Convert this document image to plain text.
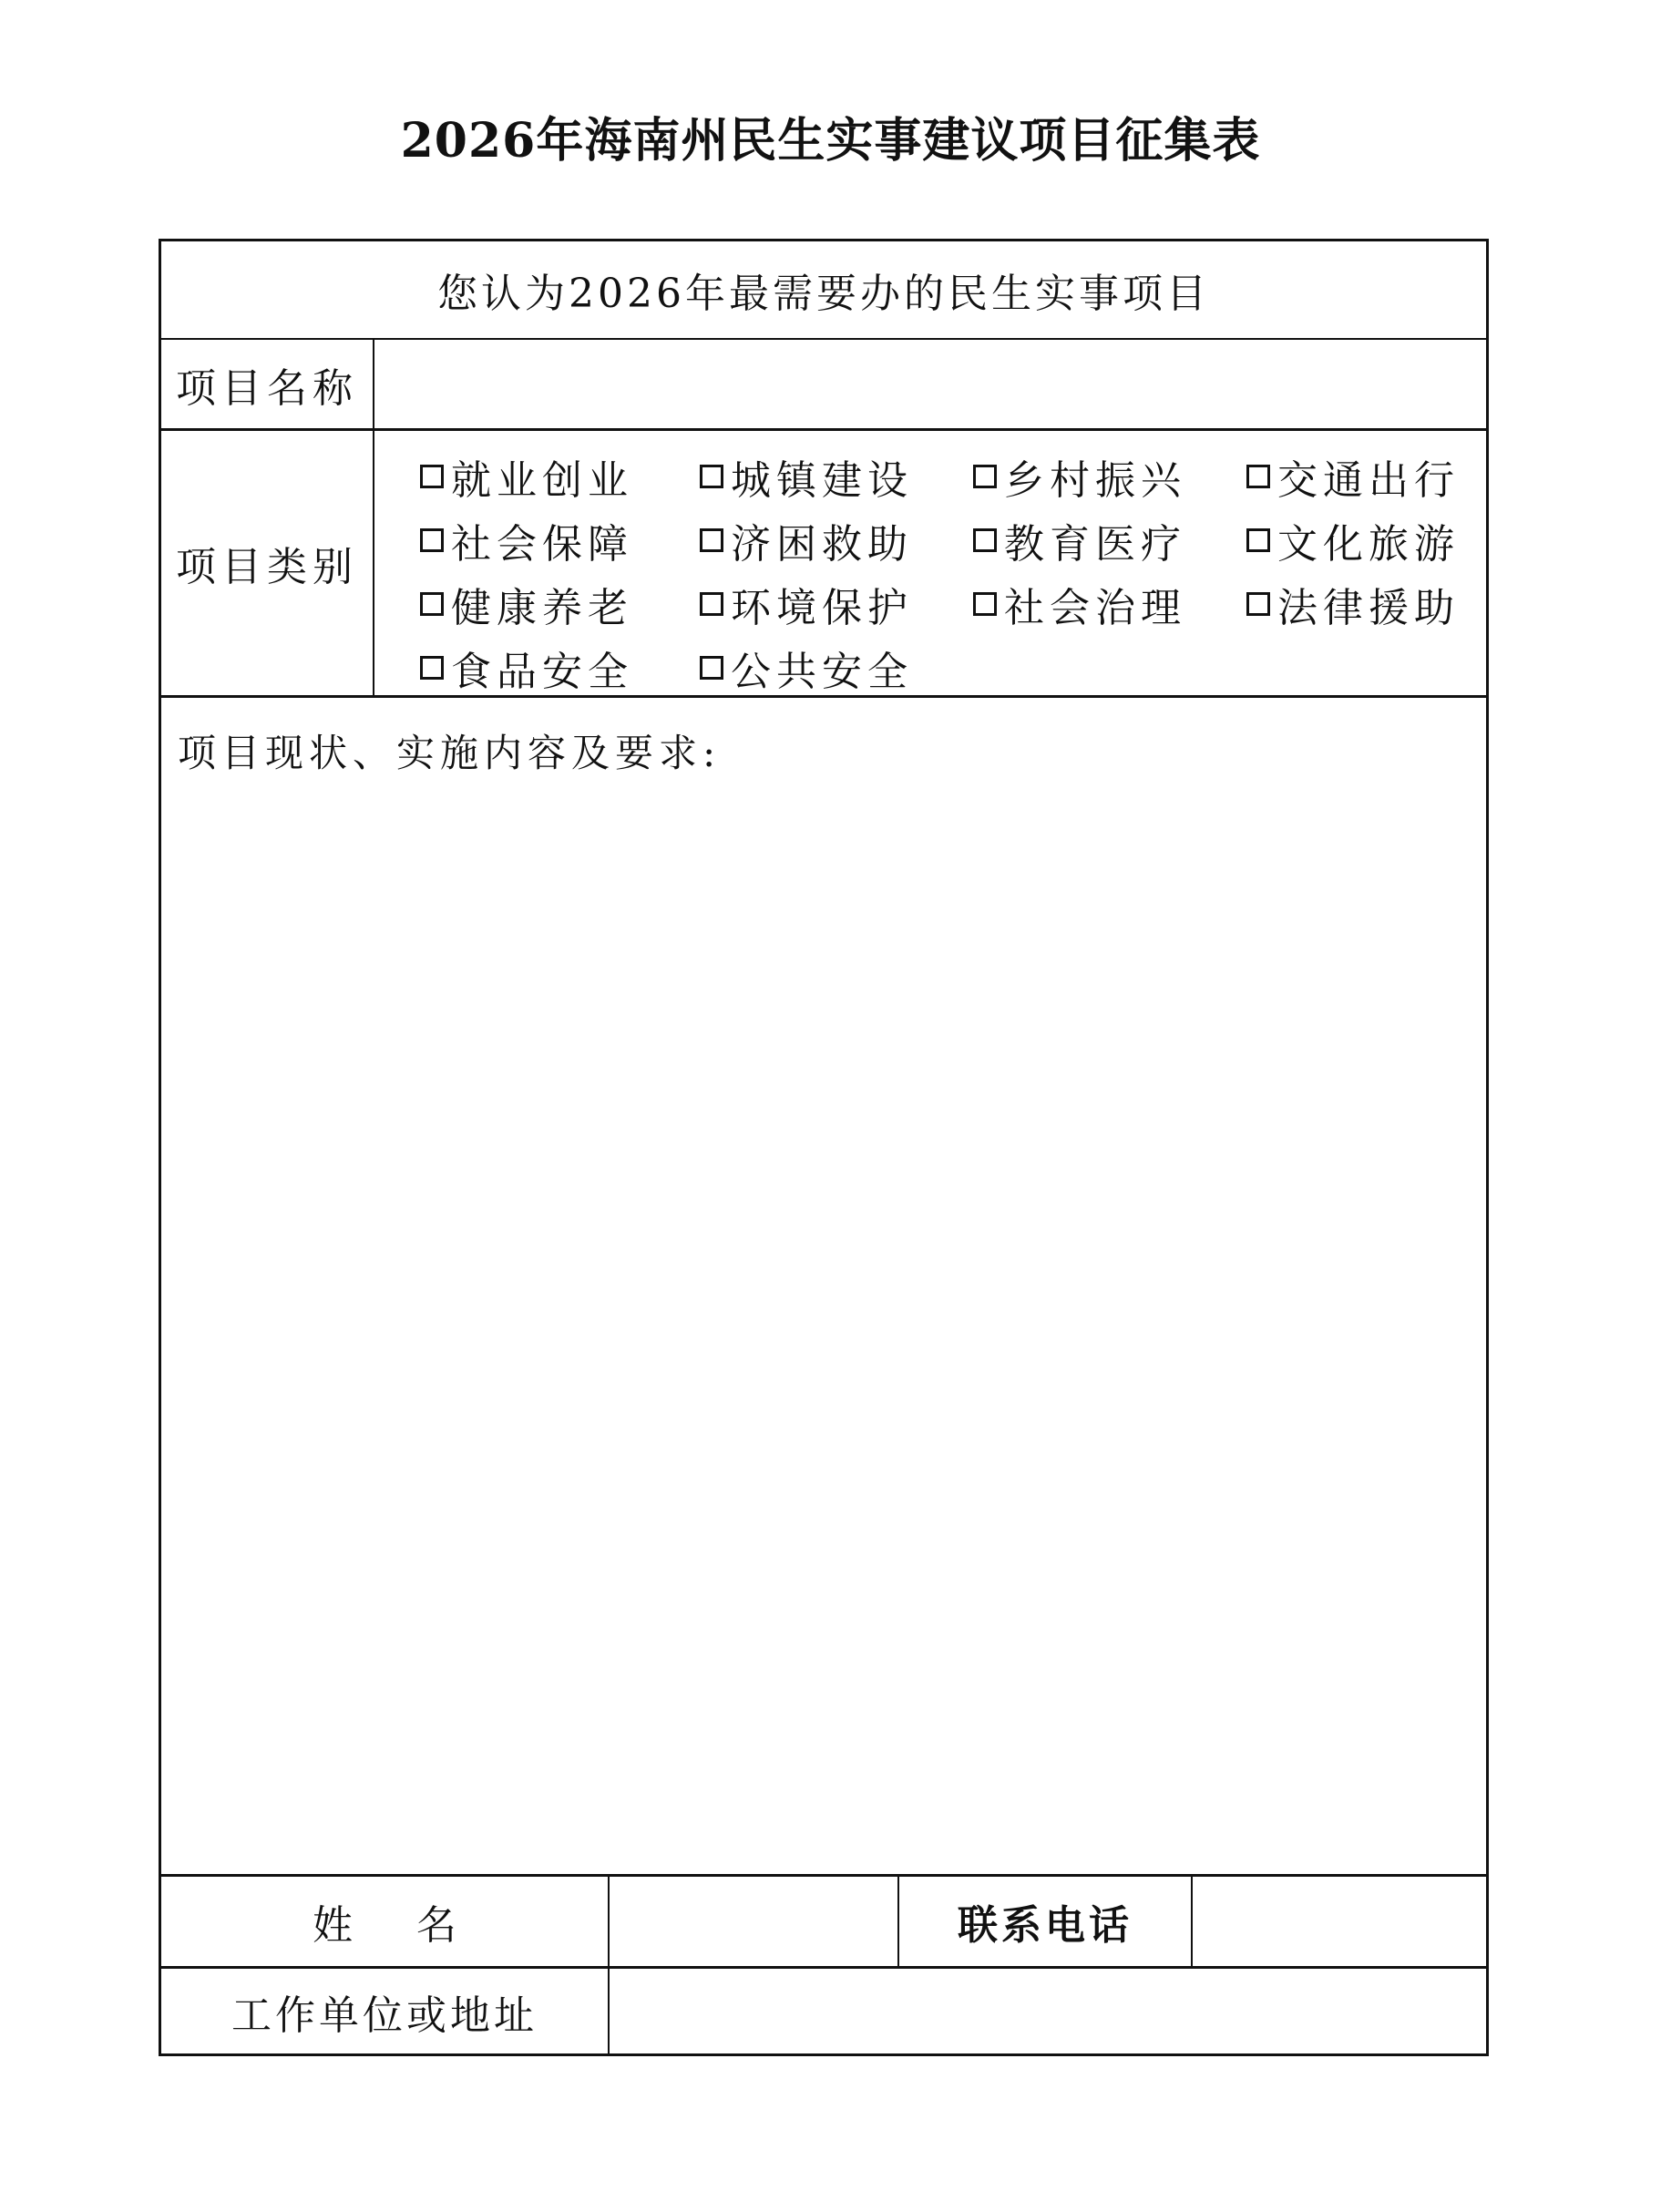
2026年海南州民生实事建议项目征集表
您认为2026年最需要办的民生实事项目
项目名称
项目类别
就业创业 城镇建设 乡村振兴 交通出行
社会保障 济困救助 教育医疗 文化旅游
健康养老 环境保护 社会治理 法律援助
食品安全 公共安全
项目现状、实施内容及要求:
姓名	联系电话
工作单位或地址
